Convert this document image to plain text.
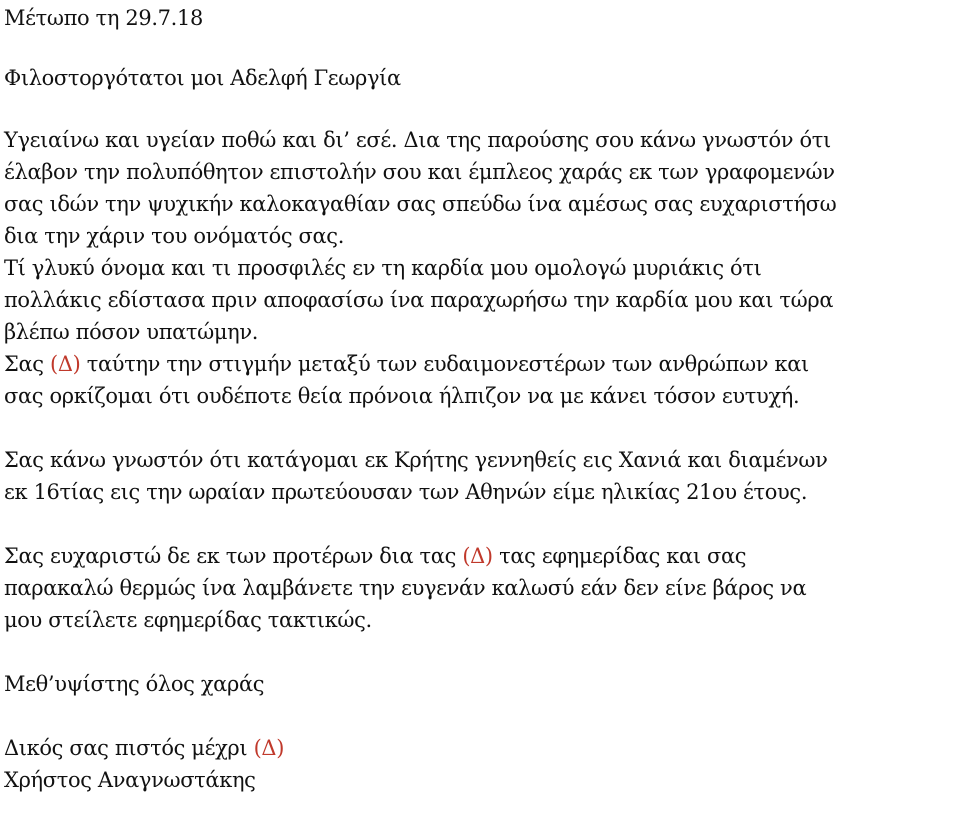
Μέτωπο τη 29.7.18
Φιλοστοργότατοι μοι Αδελφή Γεωργία
Υγειαίνω και υγείαν ποθώ και δι’ εσέ. Δια της παρούσης σου κάνω γνωστόν ότι
έλαβον την πολυπόθητον επιστολήν σου και έμπλεος χαράς εκ των γραφομενών
σας ιδών την ψυχικήν καλοκαγαθίαν σας σπεύδω ίνα αμέσως σας ευχαριστήσω
δια την χάριν του ονόματός σας.
Τί γλυκύ όνομα και τι προσφιλές εν τη καρδία μου ομολογώ μυριάκις ότι
πολλάκις εδίστασα πριν αποφασίσω ίνα παραχωρήσω την καρδία μου και τώρα
βλέπω πόσον υπατώμην.
Σας (Δ) ταύτην την στιγμήν μεταξύ των ευδαιμονεστέρων των ανθρώπων και
σας ορκίζομαι ότι ουδέποτε θεία πρόνοια ήλπιζον να με κάνει τόσον ευτυχή.
Σας κάνω γνωστόν ότι κατάγομαι εκ Κρήτης γεννηθείς εις Χανιά και διαμένων
εκ 16τίας εις την ωραίαν πρωτεύουσαν των Αθηνών είμε ηλικίας 21ου έτους.
Σας ευχαριστώ δε εκ των προτέρων δια τας (Δ) τας εφημερίδας και σας
παρακαλώ θερμώς ίνα λαμβάνετε την ευγενάν καλωσύ εάν δεν είνε βάρος να
μου στείλετε εφημερίδας τακτικώς.
Μεθ’υψίστης όλος χαράς
Δικός σας πιστός μέχρι (Δ)
Χρήστος Αναγνωστάκης
